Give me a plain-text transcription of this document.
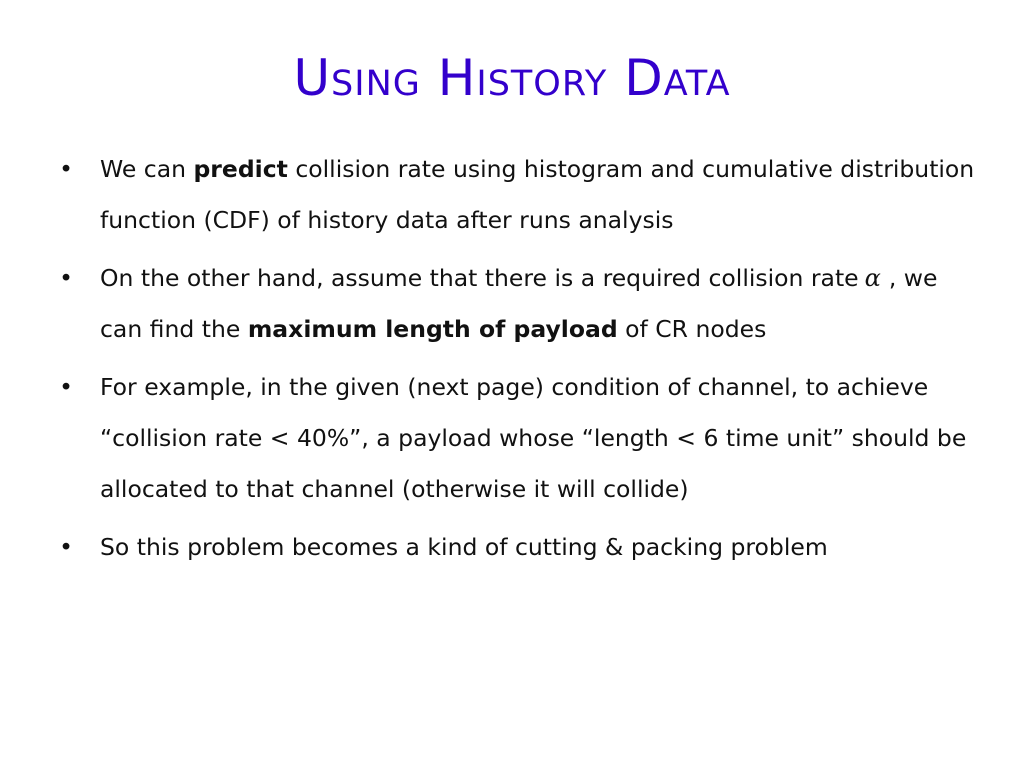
Using History Data
• We can predict collision rate using histogram and cumulative distribution function (CDF) of history data after runs analysis
• On the other hand, assume that there is a required collision rate α , we can find the maximum length of payload of CR nodes
• For example, in the given (next page) condition of channel, to achieve “collision rate < 40%”, a payload whose “length < 6 time unit” should be allocated to that channel (otherwise it will collide)
• So this problem becomes a kind of cutting & packing problem
